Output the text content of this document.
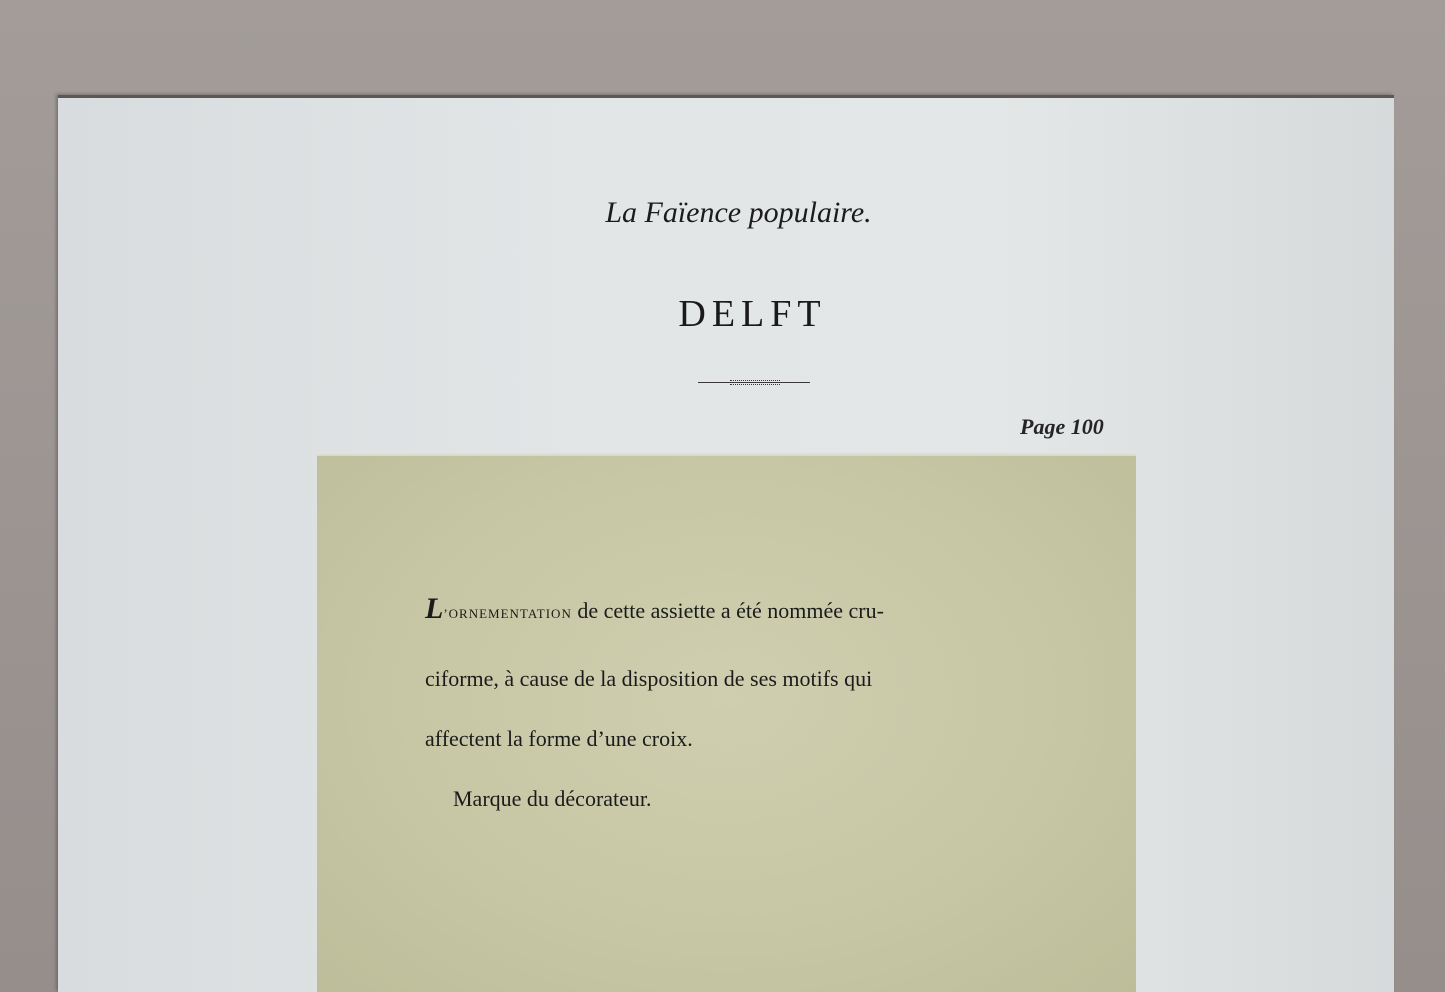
La Faïence populaire.
DELFT
Page 100
L’ORNEMENTATION de cette assiette a été nommée cru-
ciforme, à cause de la disposition de ses motifs qui
affectent la forme d’une croix.
Marque du décorateur.
